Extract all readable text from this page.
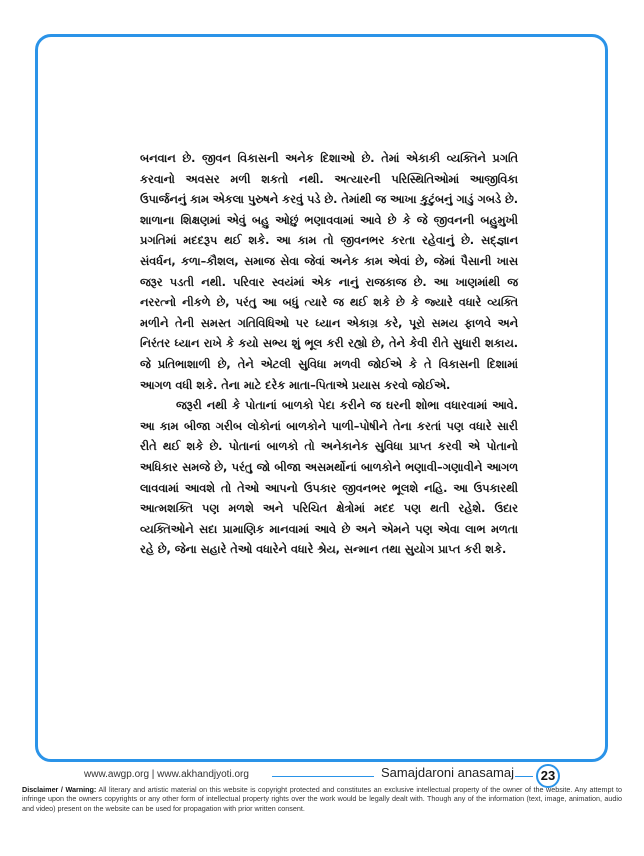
બનવાન છે. જીવન વિકાસની અનેક દિશાઓ છે. તેમાં એકાકી વ્યક્તિને પ્રગતિ કરવાનો અવસર મળી શકતો નથી. અત્યારની પરિસ્થિતિઓમાં આજીવિકા ઉપાર્જનનું કામ એકલા પુરુષને કરવું પડે છે. તેમાંથી જ આખા કુટુંબનું ગાડું ગબડે છે. શાળાના શિક્ષણમાં એવું બહુ ઓછું ભણાવવામાં આવે છે કે જે જીવનની બહુમુખી પ્રગતિમાં મદદરૂપ થઈ શકે. આ કામ તો જીવનભર કરતા રહેવાનું છે. સદ્જ્ઞાન સંવર્ધન, કળા–કૌશલ, સમાજ સેવા જેવાં અનેક કામ એવાં છે, જેમાં પૈસાની ખાસ જરૂર પડતી નથી. પરિવાર સ્વયંમાં એક નાનું રાજકાજ છે. આ ખાણમાંથી જ નરરત્નો નીકળે છે, પરંતુ આ બધું ત્યારે જ થઈ શકે છે કે જ્યારે વધારે વ્યક્તિ મળીને તેની સમસ્ત ગતિવિધિઓ પર ધ્યાન એકાગ્ર કરે, પૂરો સમય ફાળવે અને નિરંતર ધ્યાન રાખે કે કયો સભ્ય શું ભૂલ કરી રહ્યો છે, તેને કેવી રીતે સુધારી શકાય. જે પ્રતિભાશાળી છે, તેને એટલી સુવિધા મળવી જોઈએ કે તે વિકાસની દિશામાં આગળ વધી શકે. તેના માટે દરેક માતા–પિતાએ પ્રયાસ કરવો જોઈએ.

જરૂરી નથી કે પોતાનાં બાળકો પેદા કરીને જ ઘરની શોભા વધારવામાં આવે. આ કામ બીજા ગરીબ લોકોનાં બાળકોને પાળી–પોષીને તેના કરતાં પણ વધારે સારી રીતે થઈ શકે છે. પોતાનાં બાળકો તો અનેકાનેક સુવિધા પ્રાપ્ત કરવી એ પોતાનો અધિકાર સમજે છે, પરંતુ જો બીજા અસમર્થોનાં બાળકોને ભણાવી–ગણાવીને આગળ લાવવામાં આવશે તો તેઓ આપનો ઉપકાર જીવનભર ભૂલશે નહિ. આ ઉપકારથી આત્મશક્તિ પણ મળશે અને પરિચિત ક્ષેત્રોમાં મદદ પણ થતી રહેશે. ઉદાર વ્યક્તિઓને સદા પ્રામાણિક માનવામાં આવે છે અને એમને પણ એવા લાભ મળતા રહે છે, જેના સહારે તેઓ વધારેને વધારે શ્રેય, સન્માન તથા સુયોગ પ્રાપ્ત કરી શકે.

www.awgp.org | www.akhandjyoti.org	Samajdaroni anasamaj	23
Disclaimer / Warning: All literary and artistic material on this website is copyright protected and constitutes an exclusive intellectual property of the owner of the website. Any attempt to infringe upon the owners copyrights or any other form of intellectual property rights over the work would be legally dealt with. Though any of the information (text, image, animation, audio and video) present on the website can be used for propagation with prior written consent.
